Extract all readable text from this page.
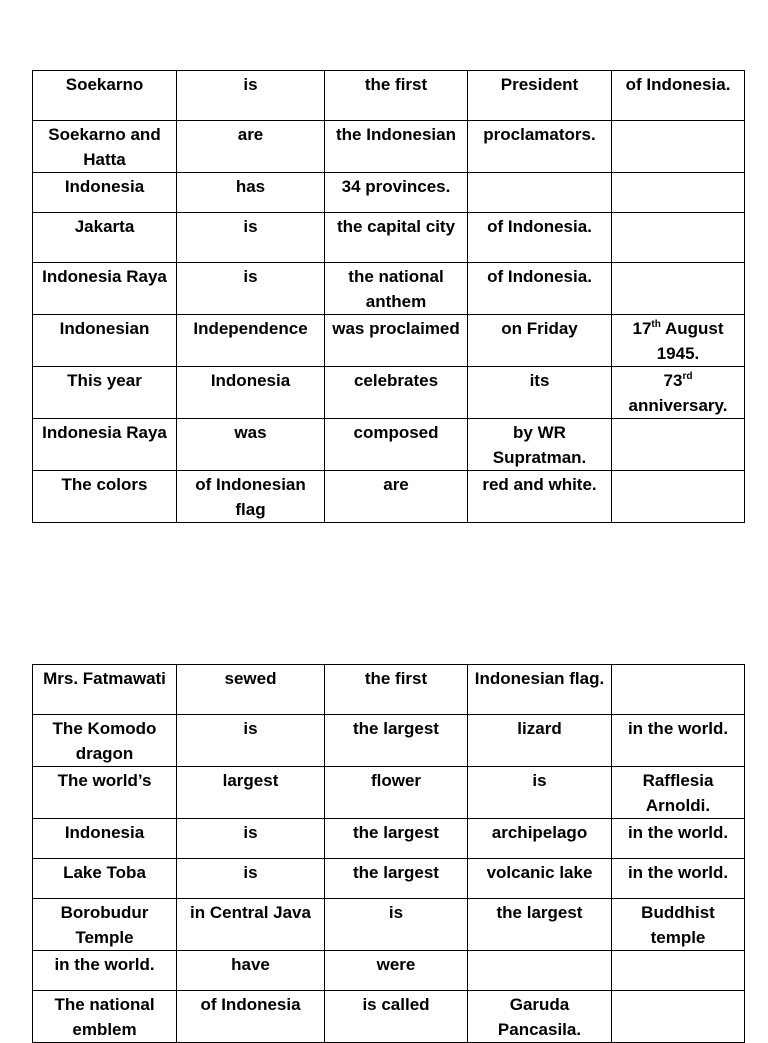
Soekarno	is	the first	President	of Indonesia.
Soekarno and Hatta	are	the Indonesian	proclamators.	
Indonesia	has	34 provinces.		
Jakarta	is	the capital city	of Indonesia.	
Indonesia Raya	is	the national anthem	of Indonesia.	
Indonesian	Independence	was proclaimed	on Friday	17th August 1945.
This year	Indonesia	celebrates	its	73rd anniversary.
Indonesia Raya	was	composed	by WR Supratman.	
The colors	of Indonesian flag	are	red and white.	
Mrs. Fatmawati	sewed	the first	Indonesian flag.	
The Komodo dragon	is	the largest	lizard	in the world.
The world’s	largest	flower	is	Rafflesia Arnoldi.
Indonesia	is	the largest	archipelago	in the world.
Lake Toba	is	the largest	volcanic lake	in the world.
Borobudur Temple	in Central Java	is	the largest	Buddhist temple
in the world.	have	were		
The national emblem	of Indonesia	is called	Garuda Pancasila.	
